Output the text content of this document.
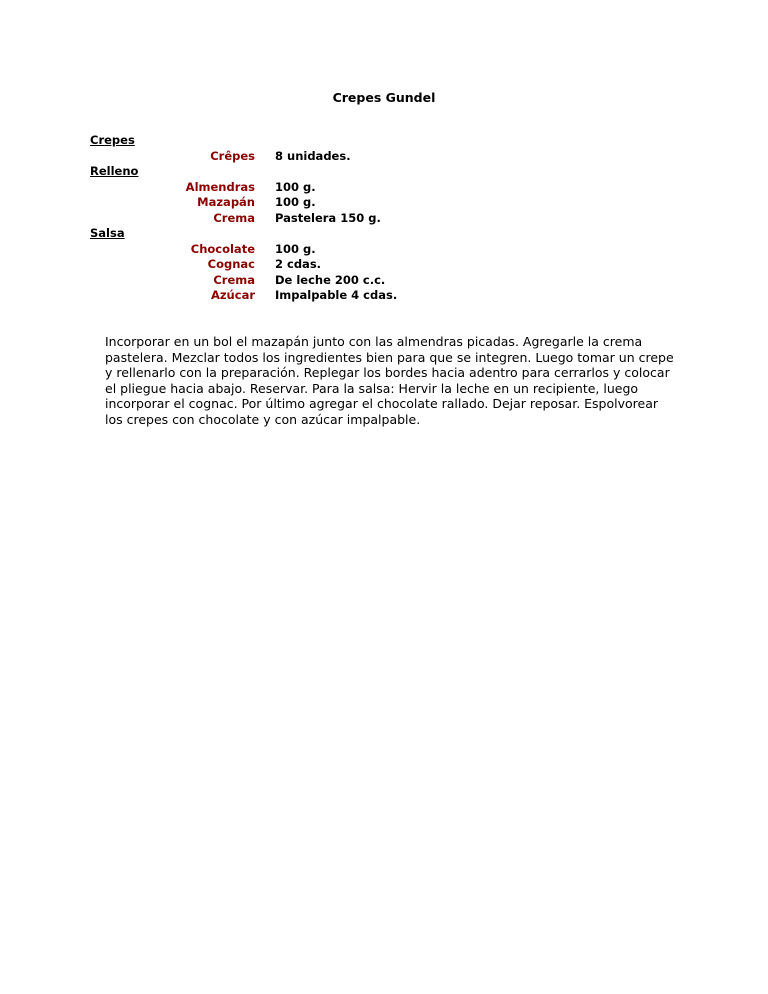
Crepes Gundel
Crepes
Crêpes 8 unidades.
Relleno
Almendras 100 g.
Mazapán 100 g.
Crema Pastelera 150 g.
Salsa
Chocolate 100 g.
Cognac 2 cdas.
Crema De leche 200 c.c.
Azúcar Impalpable 4 cdas.
Incorporar en un bol el mazapán junto con las almendras picadas. Agregarle la crema pastelera. Mezclar todos los ingredientes bien para que se integren. Luego tomar un crepe y rellenarlo con la preparación. Replegar los bordes hacia adentro para cerrarlos y colocar el pliegue hacia abajo. Reservar. Para la salsa: Hervir la leche en un recipiente, luego incorporar el cognac. Por último agregar el chocolate rallado. Dejar reposar. Espolvorear los crepes con chocolate y con azúcar impalpable.
